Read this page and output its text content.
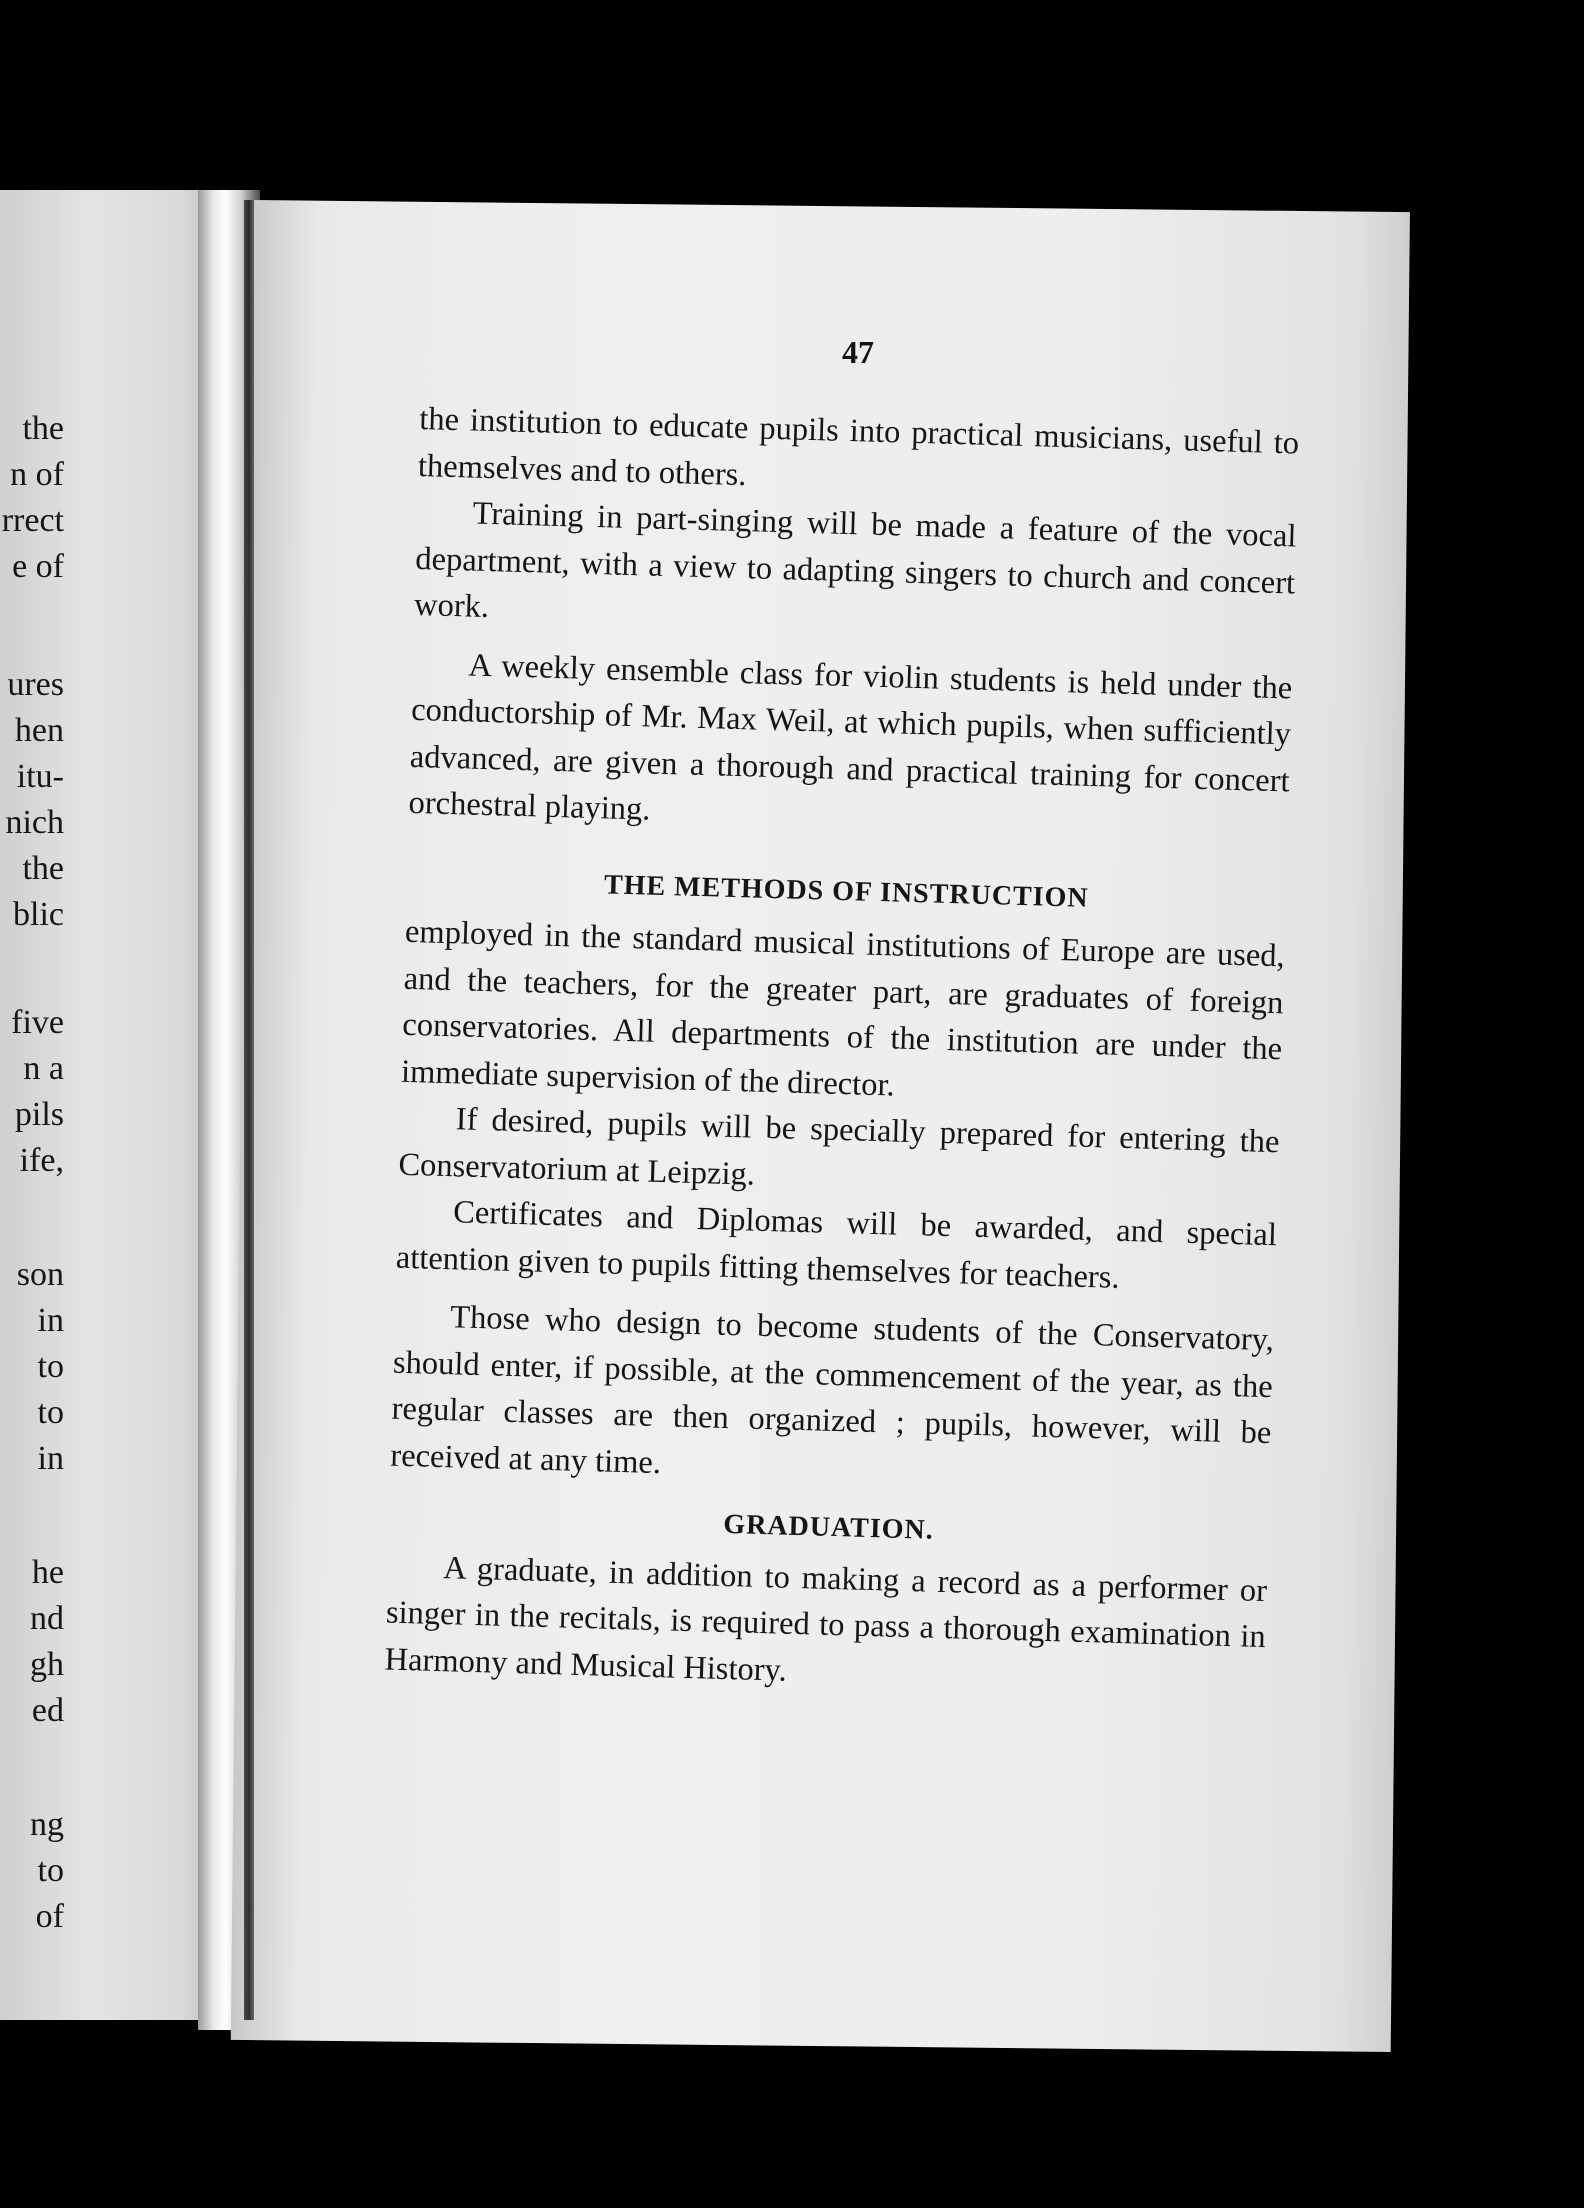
the
n of
rrect
e of
ures
hen
itu-
nich
the
blic
five
n a
pils
ife,
son
in
to
to
in
he
nd
gh
ed
ng
to
of
47

the institution to educate pupils into practical musicians, useful to themselves and to others.

Training in part-singing will be made a feature of the vocal department, with a view to adapting singers to church and concert work.

A weekly ensemble class for violin students is held under the conductorship of Mr. Max Weil, at which pupils, when sufficiently advanced, are given a thorough and practical training for concert orchestral playing.

THE METHODS OF INSTRUCTION

employed in the standard musical institutions of Europe are used, and the teachers, for the greater part, are graduates of foreign conservatories. All departments of the institution are under the immediate supervision of the director.

If desired, pupils will be specially prepared for entering the Conservatorium at Leipzig.

Certificates and Diplomas will be awarded, and special attention given to pupils fitting themselves for teachers.

Those who design to become students of the Conservatory, should enter, if possible, at the commencement of the year, as the regular classes are then organized ; pupils, however, will be received at any time.

GRADUATION.

A graduate, in addition to making a record as a performer or singer in the recitals, is required to pass a thorough examination in Harmony and Musical History.
